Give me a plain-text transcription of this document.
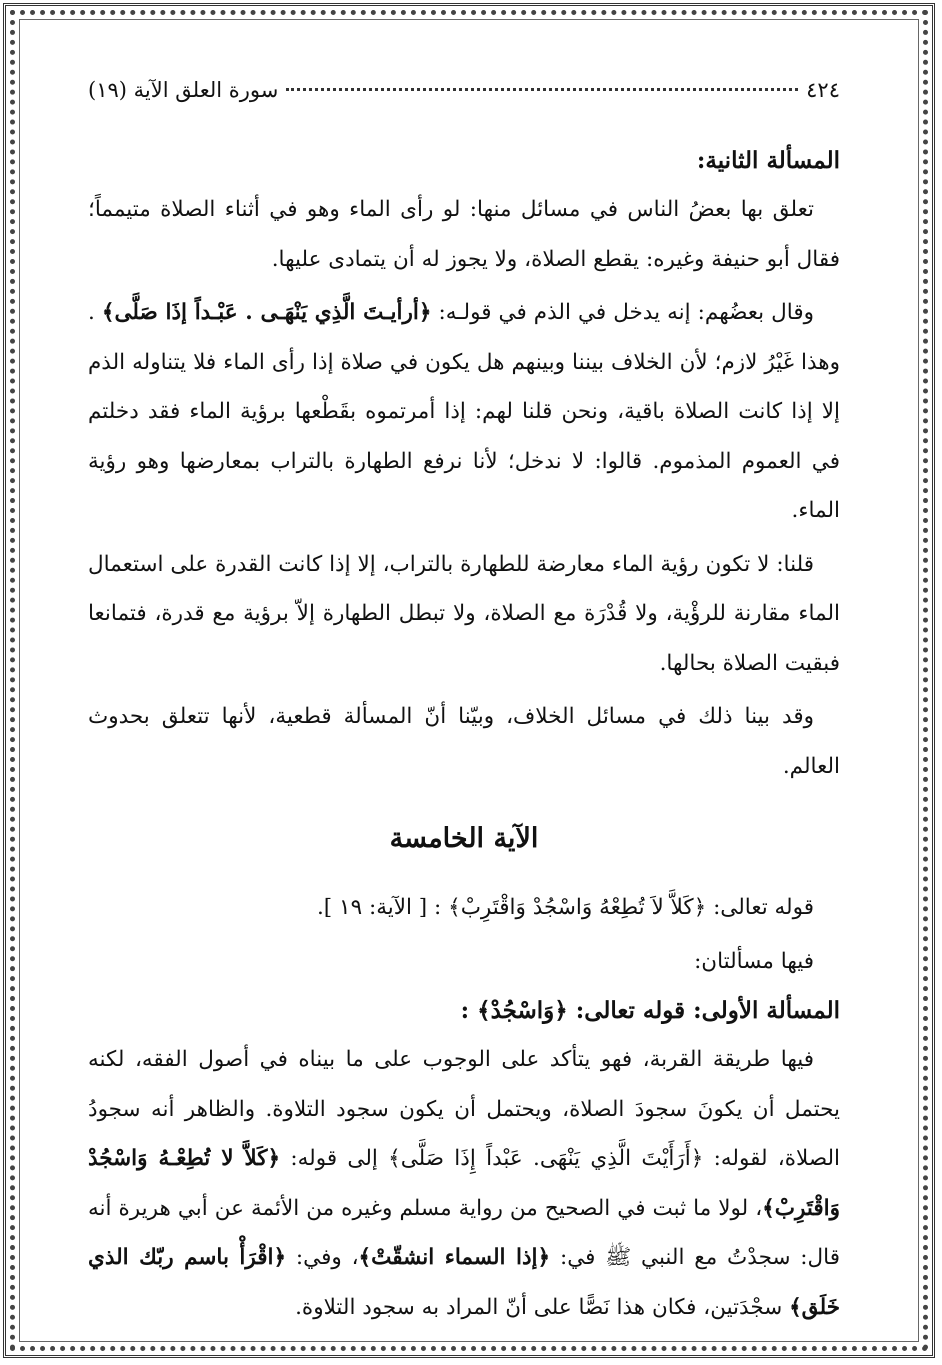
٤٢٤
سورة العلق الآية (١٩)

المسألة الثانية:

تعلق بها بعضُ الناس في مسائل منها: لو رأى الماء وهو في أثناء الصلاة متيمماً؛ فقال أبو حنيفة وغيره: يقطع الصلاة، ولا يجوز له أن يتمادى عليها.

وقال بعضُهم: إنه يدخل في الذم في قولـه: ﴿أرأيـتَ الَّذِي يَنْهَـى . عَبْـداً إذَا صَلَّى﴾ . وهذا غَيْرُ لازم؛ لأن الخلاف بيننا وبينهم هل يكون في صلاة إذا رأى الماء فلا يتناوله الذم إلا إذا كانت الصلاة باقية، ونحن قلنا لهم: إذا أمرتموه بقَطْعها برؤية الماء فقد دخلتم في العموم المذموم. قالوا: لا ندخل؛ لأنا نرفع الطهارة بالتراب بمعارضها وهو رؤية الماء.

قلنا: لا تكون رؤية الماء معارضة للطهارة بالتراب، إلا إذا كانت القدرة على استعمال الماء مقارنة للرؤْية، ولا قُدْرَة مع الصلاة، ولا تبطل الطهارة إلاّ برؤية مع قدرة، فتمانعا فبقيت الصلاة بحالها.

وقد بينا ذلك في مسائل الخلاف، وبيّنا أنّ المسألة قطعية، لأنها تتعلق بحدوث العالم.

الآية الخامسة

قوله تعالى: ﴿كَلاَّ لاَ تُطِعْهُ وَاسْجُدْ وَاقْتَرِبْ﴾ : [ الآية: ١٩ ].

فيها مسألتان:

المسألة الأولى: قوله تعالى: ﴿وَاسْجُدْ﴾ :

فيها طريقة القربة، فهو يتأكد على الوجوب على ما بيناه في أصول الفقه، لكنه يحتمل أن يكونَ سجودَ الصلاة، ويحتمل أن يكون سجود التلاوة. والظاهر أنه سجودُ الصلاة، لقوله: ﴿أَرَأَيْتَ الَّذِي يَنْهَى. عَبْداً إِذَا صَلَّى﴾ إلى قوله: ﴿كَلاَّ لا تُطِعْـهُ وَاسْجُدْ وَاقْتَرِبْ﴾، لولا ما ثبت في الصحيح من رواية مسلم وغيره من الأئمة عن أبي هريرة أنه قال: سجدْتُ مع النبي ﷺ في: ﴿إذا السماء انشقّتْ﴾، وفي: ﴿اقْرَأْ باسم ربّك الذي خَلَق﴾ سجْدَتين، فكان هذا نَصًّا على أنّ المراد به سجود التلاوة.
